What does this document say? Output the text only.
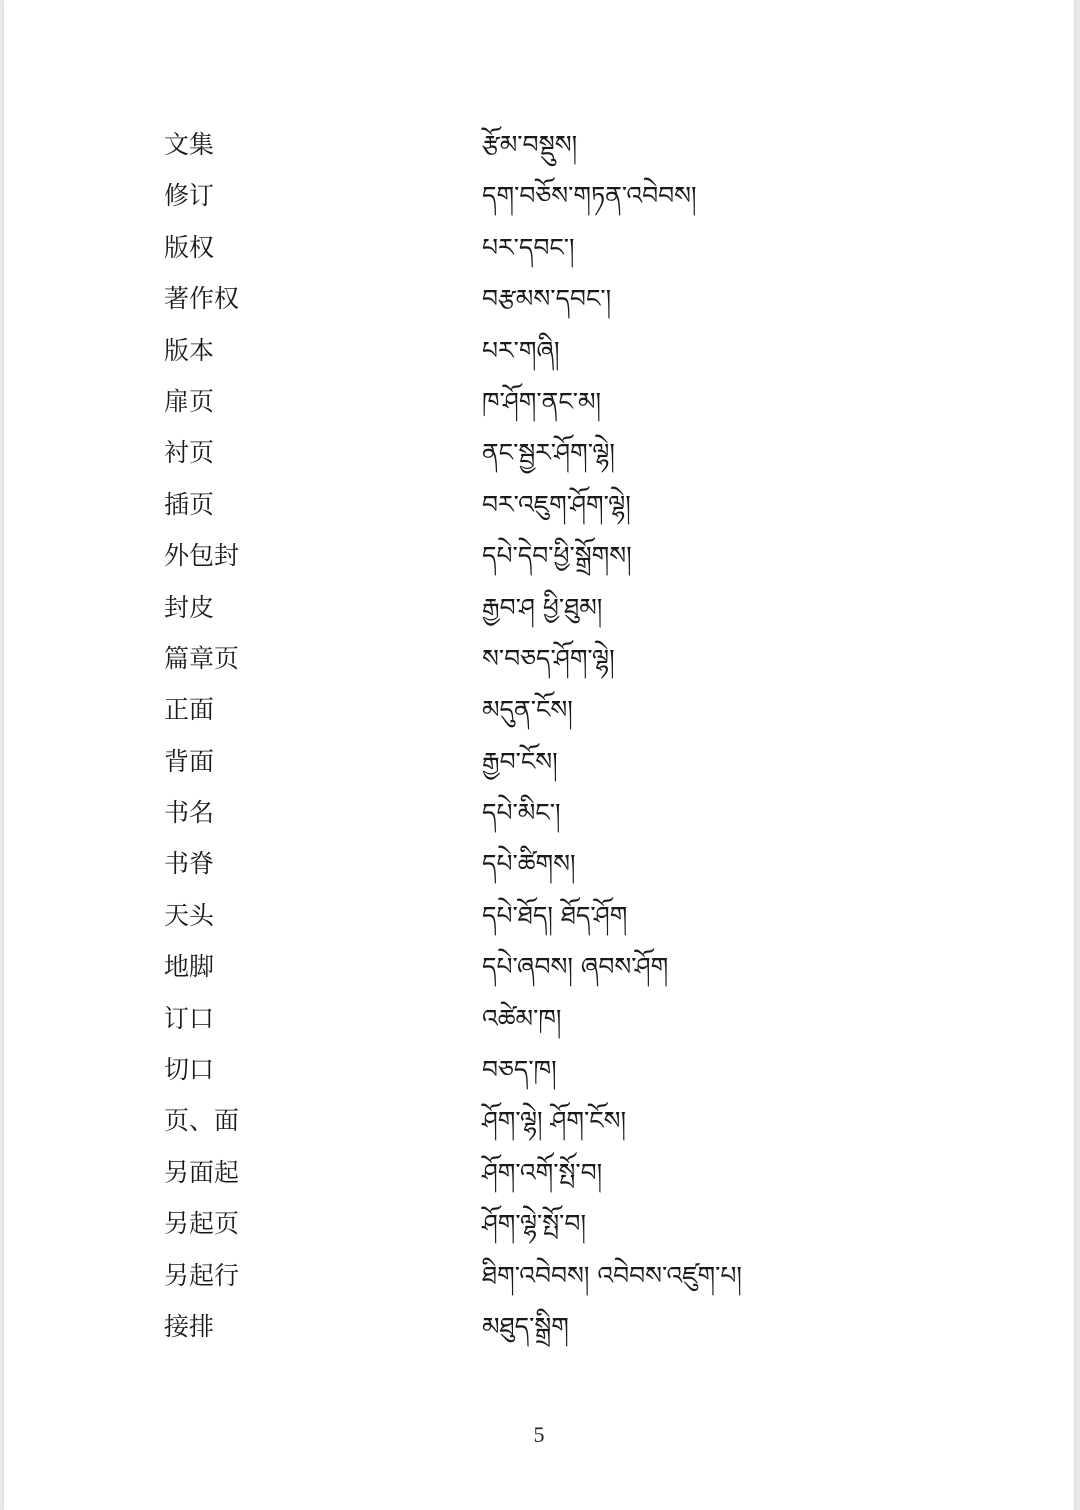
文集	རྩོམ་བསྡུས།
修订	དག་བཅོས་གཏན་འབེབས།
版权	པར་དབང་།
著作权	བརྩམས་དབང་།
版本	པར་གཞི།
扉页	ཁ་ཤོག་ནང་མ།
衬页	ནང་སྦྱར་ཤོག་ལྷེ།
插页	བར་འཇུག་ཤོག་ལྷེ།
外包封	དཔེ་དེབ་ཕྱི་སྒྲོགས།
封皮	རྒྱབ་ཤ ཕྱི་ཐུམ།
篇章页	ས་བཅད་ཤོག་ལྷེ།
正面	མདུན་ངོས།
背面	རྒྱབ་ངོས།
书名	དཔེ་མིང་།
书脊	དཔེ་ཚིགས།
天头	དཔེ་ཐོད། ཐོད་ཤོག
地脚	དཔེ་ཞབས། ཞབས་ཤོག
订口	འཚེམ་ཁ།
切口	བཅད་ཁ།
页、面	ཤོག་ལྷེ། ཤོག་ངོས།
另面起	ཤོག་འགོ་སྤོ་བ།
另起页	ཤོག་ལྷེ་སྤོ་བ།
另起行	ཐིག་འབེབས། འབེབས་འཛུག་པ།
接排	མཐུད་སྒྲིག
5
